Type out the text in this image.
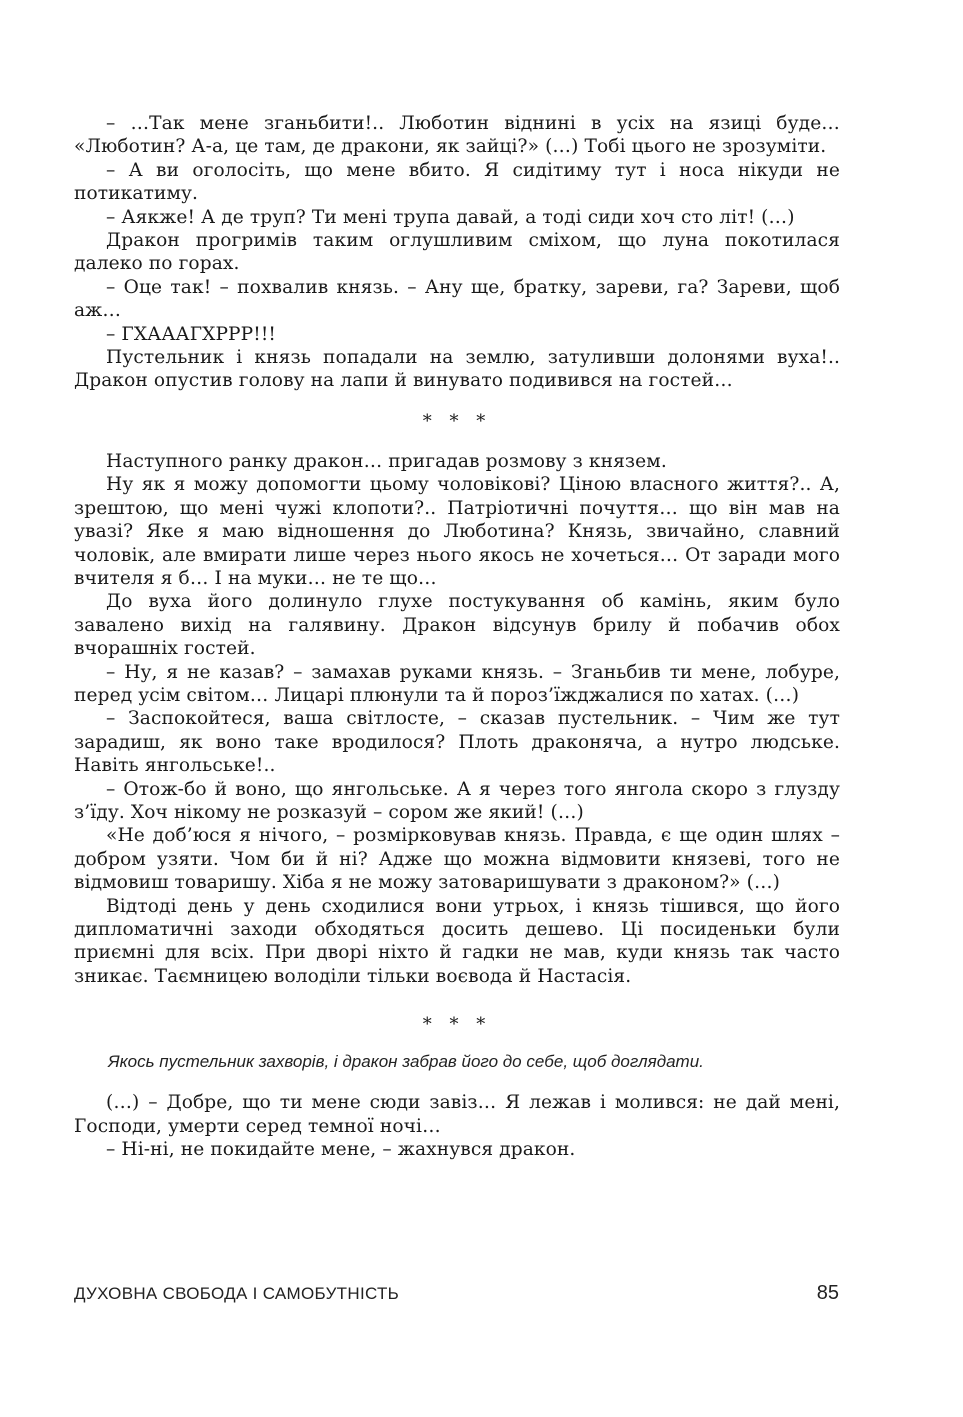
– …Так мене зганьбити!.. Люботин віднині в усіх на язиці буде… «Люботин? А-а, це там, де дракони, як зайці?» (…) Тобі цього не зрозуміти.

– А ви оголосіть, що мене вбито. Я сидітиму тут і носа нікуди не потикатиму.

– Аякже! А де труп? Ти мені трупа давай, а тоді сиди хоч сто літ! (…)

Дракон прогримів таким оглушливим сміхом, що луна покотилася далеко по горах.

– Оце так! – похвалив князь. – Ану ще, братку, зареви, га? Зареви, щоб аж…

– ГХАААГХРРР!!!

Пустельник і князь попадали на землю, затуливши долонями вуха!.. Дракон опустив голову на лапи й винувато подивився на гостей…

* * *

Наступного ранку дракон… пригадав розмову з князем.

Ну як я можу допомогти цьому чоловікові? Ціною власного життя?.. А, зрештою, що мені чужі клопоти?.. Патріотичні почуття… що він мав на увазі? Яке я маю відношення до Люботина? Князь, звичайно, славний чоловік, але вмирати лише через нього якось не хочеться… От заради мого вчителя я б… І на муки… не те що…

До вуха його долинуло глухе постукування об камінь, яким було завалено вихід на галявину. Дракон відсунув брилу й побачив обох вчорашніх гостей.

– Ну, я не казав? – замахав руками князь. – Зганьбив ти мене, лобуре, перед усім світом… Лицарі плюнули та й пороз’їжджалися по хатах. (…)

– Заспокойтеся, ваша світлосте, – сказав пустельник. – Чим же тут зарадиш, як воно таке вродилося? Плоть драконяча, а нутро людське. Навіть янгольське!..

– Отож-бо й воно, що янгольське. А я через того янгола скоро з глузду з’їду. Хоч нікому не розказуй – сором же який! (…)

«Не доб’юся я нічого, – розмірковував князь. Правда, є ще один шлях – добром узяти. Чом би й ні? Адже що можна відмовити князеві, того не відмовиш товаришу. Хіба я не можу затоваришувати з драконом?» (…)

Відтоді день у день сходилися вони утрьох, і князь тішився, що його дипломатичні заходи обходяться досить дешево. Ці посиденьки були приємні для всіх. При дворі ніхто й гадки не мав, куди князь так часто зникає. Таємницею володіли тільки воєвода й Настасія.

* * *
Якось пустельник захворів, і дракон забрав його до себе, щоб доглядати.

(…) – Добре, що ти мене сюди завіз… Я лежав і молився: не дай мені, Господи, умерти серед темної ночі…

– Ні-ні, не покидайте мене, – жахнувся дракон.

ДУХОВНА СВОБОДА І САМОБУТНІСТЬ	85
